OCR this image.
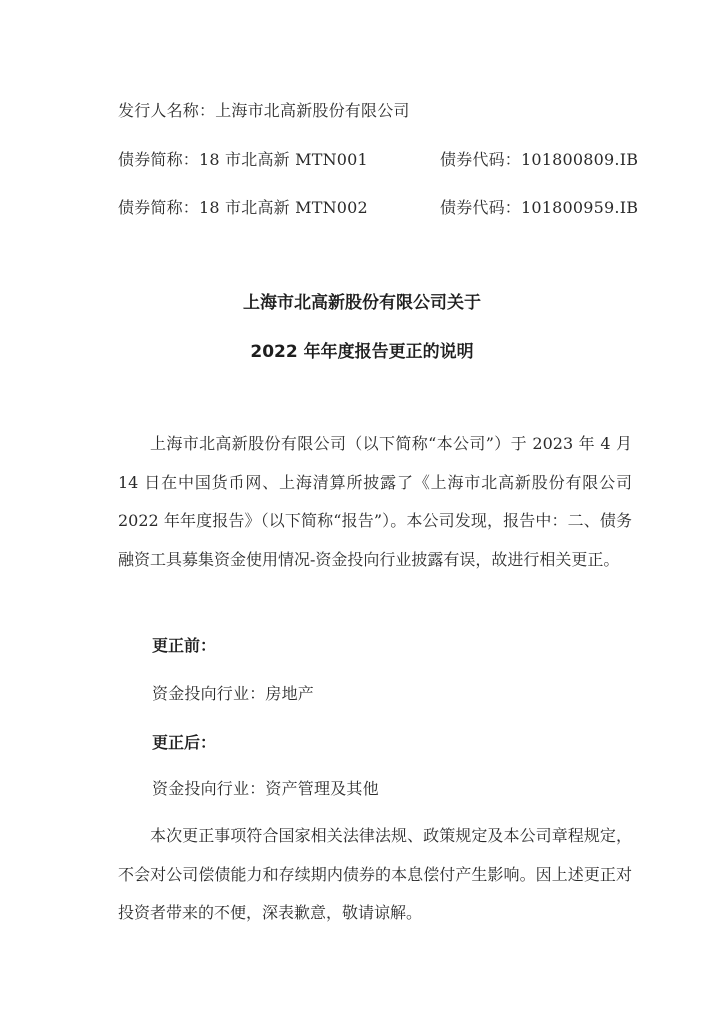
发行人名称：上海市北高新股份有限公司
债券简称：18 市北高新 MTN001	债券代码：101800809.IB
债券简称：18 市北高新 MTN002	债券代码：101800959.IB
上海市北高新股份有限公司关于
2022 年年度报告更正的说明
上海市北高新股份有限公司（以下简称“本公司”）于 2023 年 4 月 14 日在中国货币网、上海清算所披露了《上海市北高新股份有限公司 2022 年年度报告》（以下简称“报告”）。本公司发现，报告中：二、债务融资工具募集资金使用情况-资金投向行业披露有误，故进行相关更正。
更正前：
资金投向行业：房地产
更正后：
资金投向行业：资产管理及其他
本次更正事项符合国家相关法律法规、政策规定及本公司章程规定，不会对公司偿债能力和存续期内债券的本息偿付产生影响。因上述更正对投资者带来的不便，深表歉意，敬请谅解。
